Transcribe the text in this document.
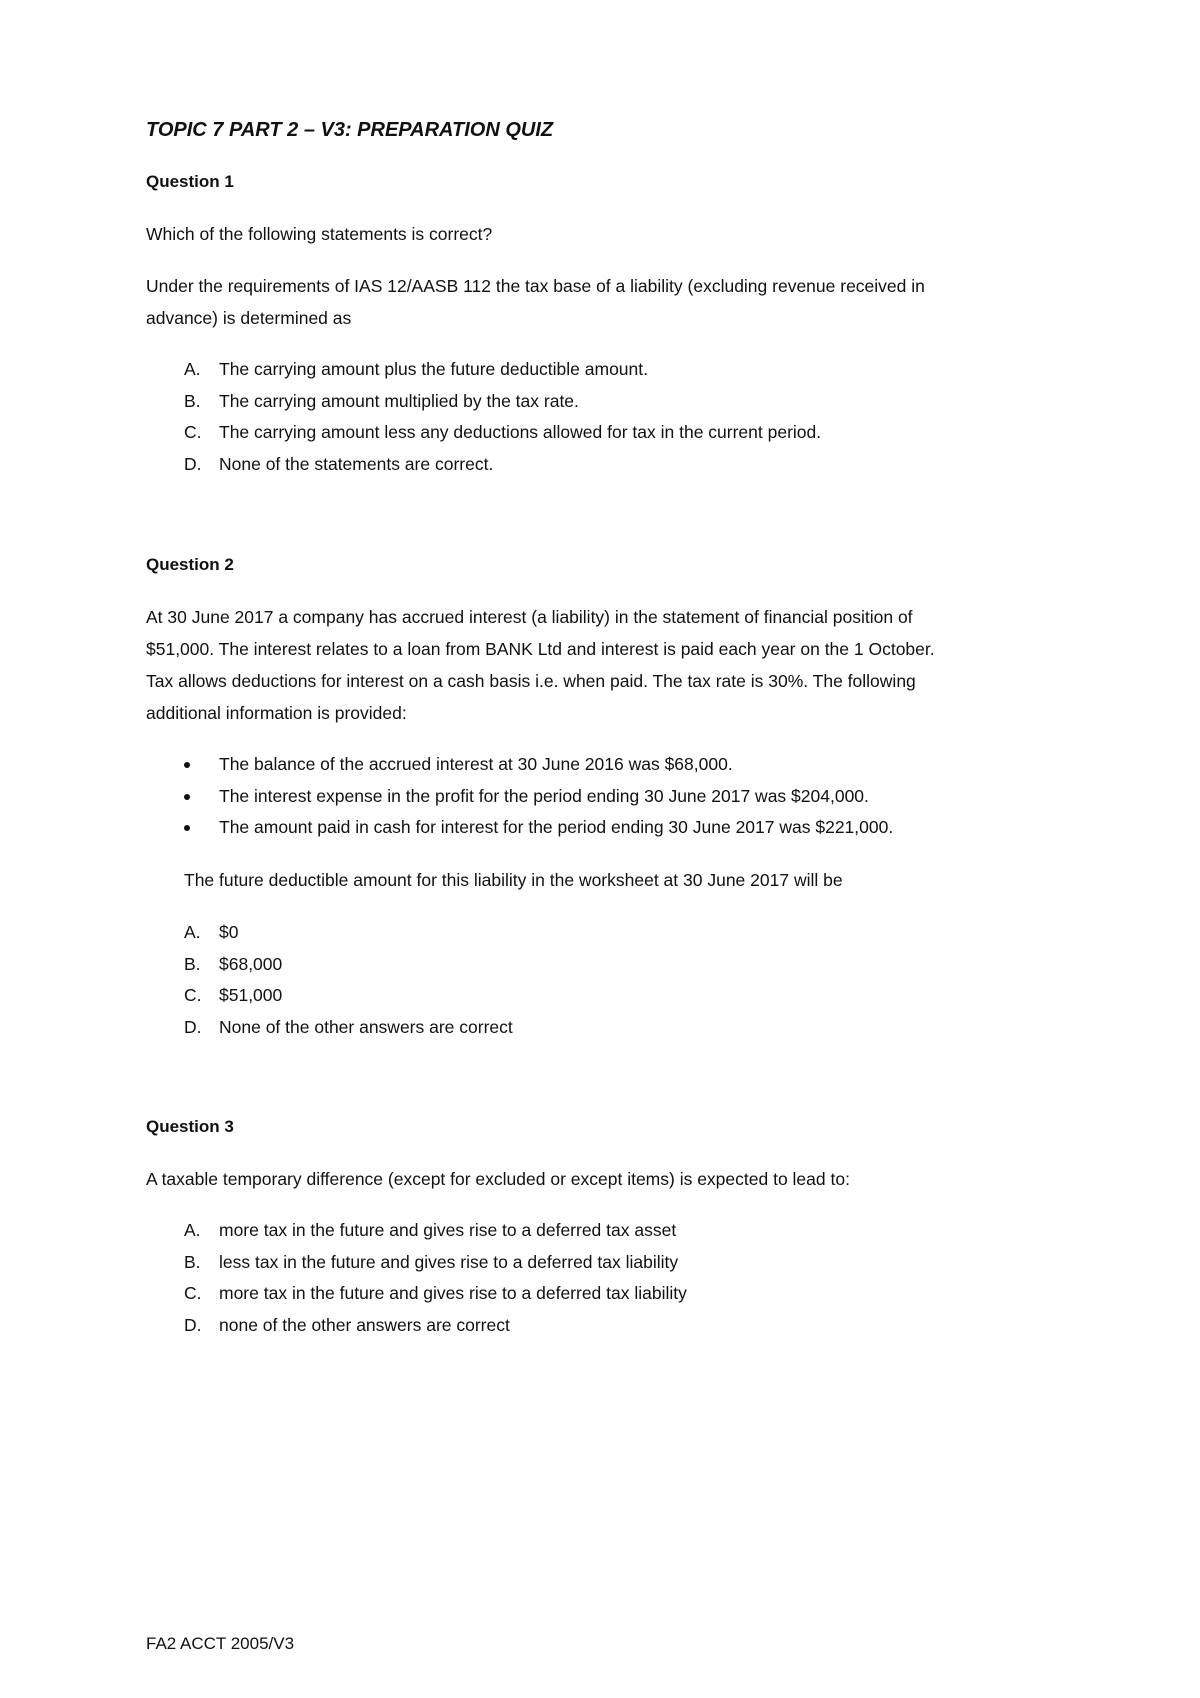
TOPIC 7 PART 2 – V3: PREPARATION QUIZ
Question 1
Which of the following statements is correct?
Under the requirements of IAS 12/AASB 112 the tax base of a liability (excluding revenue received in
advance) is determined as
A.	The carrying amount plus the future deductible amount.
B.	The carrying amount multiplied by the tax rate.
C.	The carrying amount less any deductions allowed for tax in the current period.
D.	None of the statements are correct.
Question 2
At 30 June 2017 a company has accrued interest (a liability) in the statement of financial position of
$51,000. The interest relates to a loan from BANK Ltd and interest is paid each year on the 1 October.
Tax allows deductions for interest on a cash basis i.e. when paid. The tax rate is 30%. The following
additional information is provided:
The balance of the accrued interest at 30 June 2016 was $68,000.
The interest expense in the profit for the period ending 30 June 2017 was $204,000.
The amount paid in cash for interest for the period ending 30 June 2017 was $221,000.
The future deductible amount for this liability in the worksheet at 30 June 2017 will be
A.	$0
B.	$68,000
C.	$51,000
D.	None of the other answers are correct
Question 3
A taxable temporary difference (except for excluded or except items) is expected to lead to:
A.	more tax in the future and gives rise to a deferred tax asset
B.	less tax in the future and gives rise to a deferred tax liability
C.	more tax in the future and gives rise to a deferred tax liability
D.	none of the other answers are correct
FA2 ACCT 2005/V3
